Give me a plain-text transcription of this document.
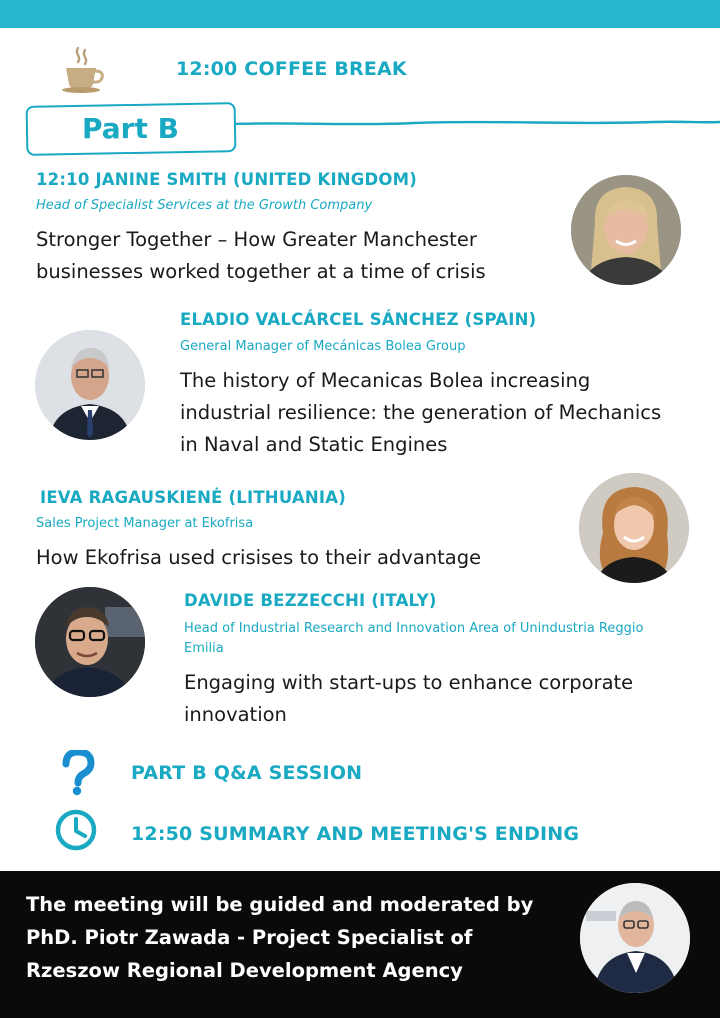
12:00 COFFEE BREAK
Part B
12:10 JANINE SMITH (UNITED KINGDOM)
Head of Specialist Services at the Growth Company
Stronger Together – How Greater Manchester
businesses worked together at a time of crisis
ELADIO VALCÁRCEL SÁNCHEZ (SPAIN)
General Manager of Mecánicas Bolea Group
The history of Mecanicas Bolea increasing
industrial resilience: the generation of Mechanics
in Naval and Static Engines
IEVA RAGAUSKIENĖ (LITHUANIA)
Sales Project Manager at Ekofrisa
How Ekofrisa used crisises to their advantage
DAVIDE BEZZECCHI (ITALY)
Head of Industrial Research and Innovation Area of Unindustria Reggio
Emilia
Engaging with start-ups to enhance corporate
innovation
PART B Q&A SESSION
12:50 SUMMARY AND MEETING'S ENDING
The meeting will be guided and moderated by
PhD. Piotr Zawada - Project Specialist of
Rzeszow Regional Development Agency
